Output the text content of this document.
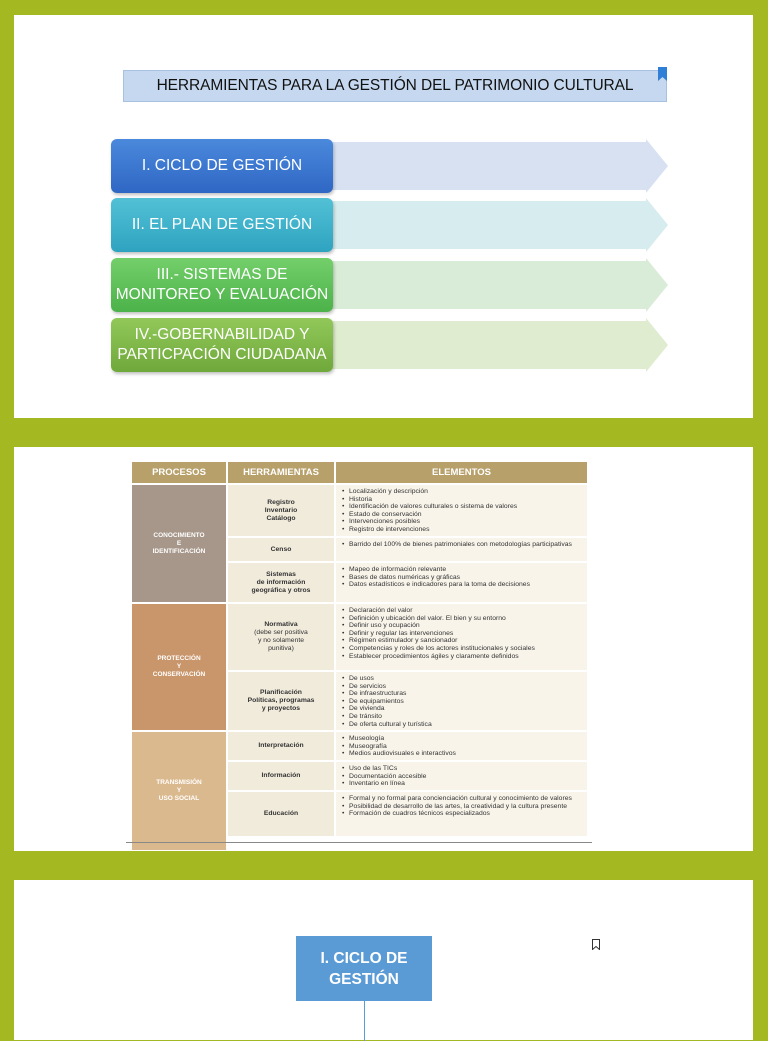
HERRAMIENTAS PARA LA GESTIÓN DEL PATRIMONIO CULTURAL
I. CICLO DE GESTIÓN
II. EL PLAN DE GESTIÓN
III.- SISTEMAS DE
MONITOREO Y EVALUACIÓN
IV.-GOBERNABILIDAD Y
PARTICPACIÓN CIUDADANA
PROCESOS	HERRAMIENTAS	ELEMENTOS
CONOCIMIENTO
E
IDENTIFICACIÓN
Registro
Inventario
Catálogo
• Localización y descripción
• Historia
• Identificación de valores culturales o sistema de valores
• Estado de conservación
• Intervenciones posibles
• Registro de intervenciones
Censo
• Barrido del 100% de bienes patrimoniales con metodologías participativas
Sistemas
de información
geográfica y otros
• Mapeo de información relevante
• Bases de datos numéricas y gráficas
• Datos estadísticos e indicadores para la toma de decisiones
PROTECCIÓN
Y
CONSERVACIÓN
Normativa
(debe ser positiva
y no solamente
punitiva)
• Declaración del valor
• Definición y ubicación del valor. El bien y su entorno
• Definir uso y ocupación
• Definir y regular las intervenciones
• Régimen estimulador y sancionador
• Competencias y roles de los actores institucionales y sociales
• Establecer procedimientos ágiles y claramente definidos
Planificación
Políticas, programas
y proyectos
• De usos
• De servicios
• De infraestructuras
• De equipamientos
• De vivienda
• De tránsito
• De oferta cultural y turística
TRANSMISIÓN
Y
USO SOCIAL
Interpretación
• Museología
• Museografía
• Medios audiovisuales e interactivos
Información
• Uso de las TICs
• Documentación accesible
• Inventario en línea
Educación
• Formal y no formal para concienciación cultural y conocimiento de valores
• Posibilidad de desarrollo de las artes, la creatividad y la cultura presente
• Formación de cuadros técnicos especializados
I. CICLO DE
GESTIÓN
